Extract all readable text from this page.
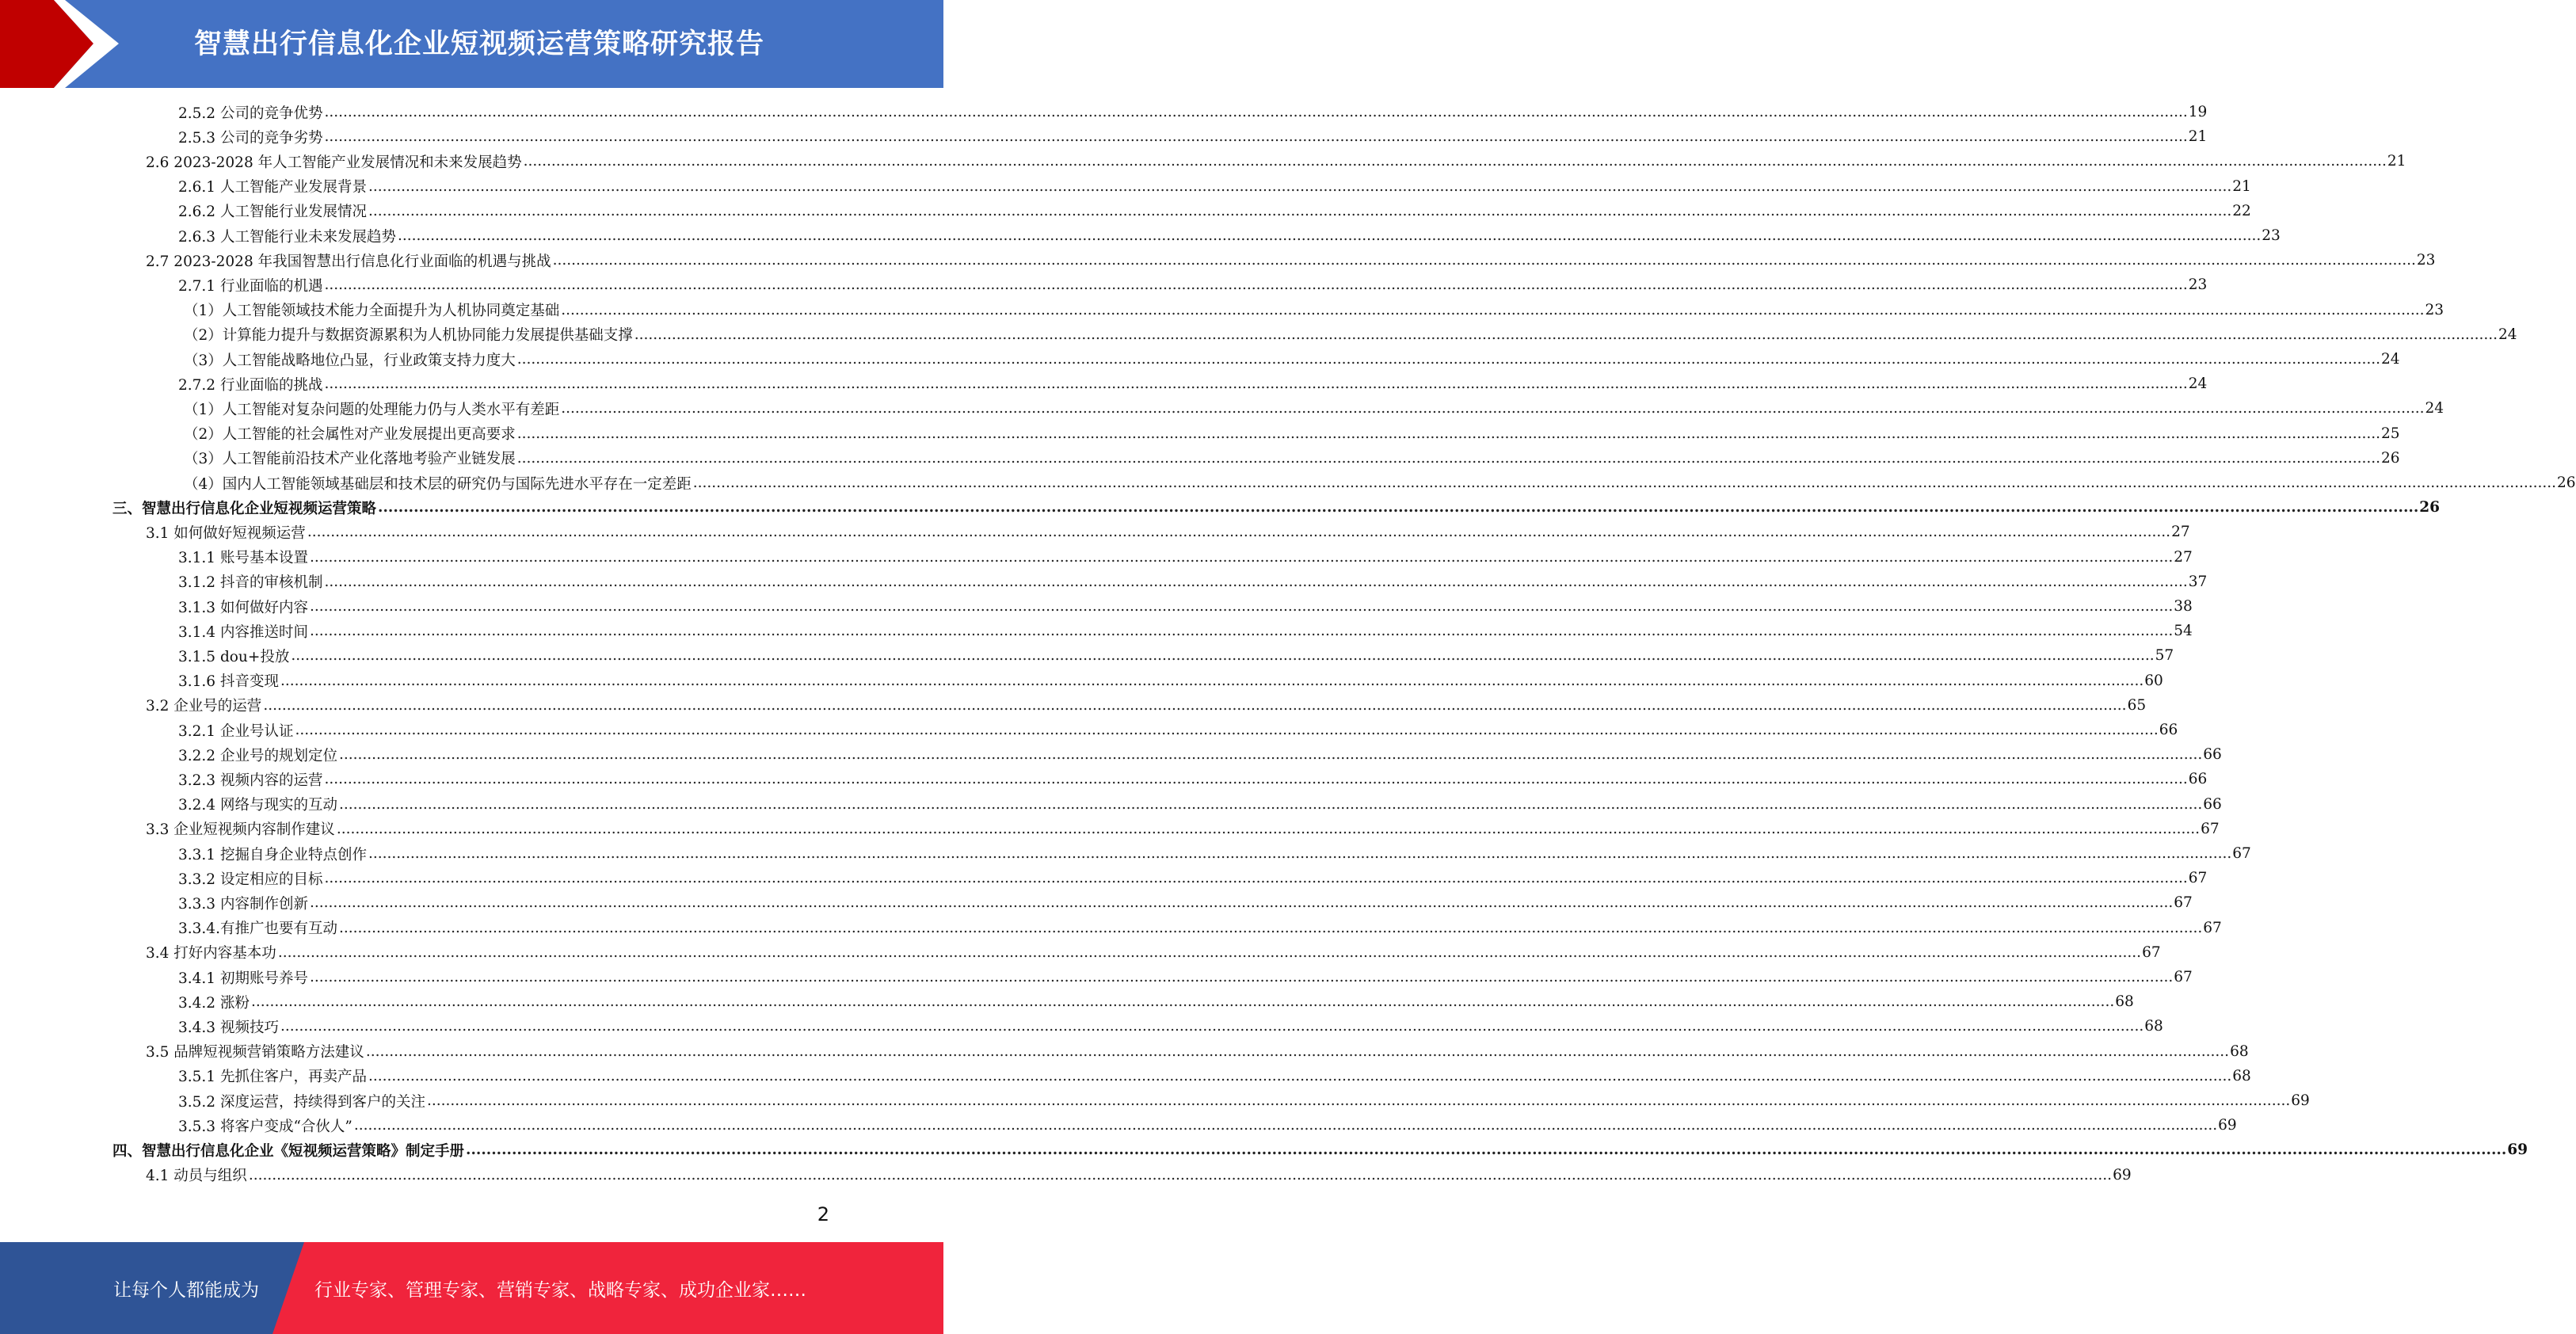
智慧出行信息化企业短视频运营策略研究报告
2.5.2 公司的竞争优势 ................................................................................................................................................................................................................................................................................................................................................................................................................ 19
2.5.3 公司的竞争劣势 ................................................................................................................................................................................................................................................................................................................................................................................................................ 21
2.6 2023-2028 年人工智能产业发展情况和未来发展趋势 ................................................................................................................................................................................................................................................................................................................................................................................................................ 21
2.6.1 人工智能产业发展背景 ................................................................................................................................................................................................................................................................................................................................................................................................................ 21
2.6.2 人工智能行业发展情况 ................................................................................................................................................................................................................................................................................................................................................................................................................ 22
2.6.3 人工智能行业未来发展趋势 ................................................................................................................................................................................................................................................................................................................................................................................................................ 23
2.7 2023-2028 年我国智慧出行信息化行业面临的机遇与挑战 ................................................................................................................................................................................................................................................................................................................................................................................................................ 23
2.7.1 行业面临的机遇 ................................................................................................................................................................................................................................................................................................................................................................................................................ 23
（1）人工智能领域技术能力全面提升为人机协同奠定基础 ................................................................................................................................................................................................................................................................................................................................................................................................................ 23
（2）计算能力提升与数据资源累积为人机协同能力发展提供基础支撑 ................................................................................................................................................................................................................................................................................................................................................................................................................ 24
（3）人工智能战略地位凸显，行业政策支持力度大 ................................................................................................................................................................................................................................................................................................................................................................................................................ 24
2.7.2 行业面临的挑战 ................................................................................................................................................................................................................................................................................................................................................................................................................ 24
（1）人工智能对复杂问题的处理能力仍与人类水平有差距 ................................................................................................................................................................................................................................................................................................................................................................................................................ 24
（2）人工智能的社会属性对产业发展提出更高要求 ................................................................................................................................................................................................................................................................................................................................................................................................................ 25
（3）人工智能前沿技术产业化落地考验产业链发展 ................................................................................................................................................................................................................................................................................................................................................................................................................ 26
（4）国内人工智能领域基础层和技术层的研究仍与国际先进水平存在一定差距 ................................................................................................................................................................................................................................................................................................................................................................................................................ 26
三、智慧出行信息化企业短视频运营策略 ................................................................................................................................................................................................................................................................................................................................................................................................................ 26
3.1 如何做好短视频运营 ................................................................................................................................................................................................................................................................................................................................................................................................................ 27
3.1.1 账号基本设置 ................................................................................................................................................................................................................................................................................................................................................................................................................ 27
3.1.2 抖音的审核机制 ................................................................................................................................................................................................................................................................................................................................................................................................................ 37
3.1.3 如何做好内容 ................................................................................................................................................................................................................................................................................................................................................................................................................ 38
3.1.4 内容推送时间 ................................................................................................................................................................................................................................................................................................................................................................................................................ 54
3.1.5 dou+投放 ................................................................................................................................................................................................................................................................................................................................................................................................................ 57
3.1.6 抖音变现 ................................................................................................................................................................................................................................................................................................................................................................................................................ 60
3.2 企业号的运营 ................................................................................................................................................................................................................................................................................................................................................................................................................ 65
3.2.1 企业号认证 ................................................................................................................................................................................................................................................................................................................................................................................................................ 66
3.2.2 企业号的规划定位 ................................................................................................................................................................................................................................................................................................................................................................................................................ 66
3.2.3 视频内容的运营 ................................................................................................................................................................................................................................................................................................................................................................................................................ 66
3.2.4 网络与现实的互动 ................................................................................................................................................................................................................................................................................................................................................................................................................ 66
3.3 企业短视频内容制作建议 ................................................................................................................................................................................................................................................................................................................................................................................................................ 67
3.3.1 挖掘自身企业特点创作 ................................................................................................................................................................................................................................................................................................................................................................................................................ 67
3.3.2 设定相应的目标 ................................................................................................................................................................................................................................................................................................................................................................................................................ 67
3.3.3 内容制作创新 ................................................................................................................................................................................................................................................................................................................................................................................................................ 67
3.3.4.有推广也要有互动 ................................................................................................................................................................................................................................................................................................................................................................................................................ 67
3.4 打好内容基本功 ................................................................................................................................................................................................................................................................................................................................................................................................................ 67
3.4.1 初期账号养号 ................................................................................................................................................................................................................................................................................................................................................................................................................ 67
3.4.2 涨粉 ................................................................................................................................................................................................................................................................................................................................................................................................................ 68
3.4.3 视频技巧 ................................................................................................................................................................................................................................................................................................................................................................................................................ 68
3.5 品牌短视频营销策略方法建议 ................................................................................................................................................................................................................................................................................................................................................................................................................ 68
3.5.1 先抓住客户，再卖产品 ................................................................................................................................................................................................................................................................................................................................................................................................................ 68
3.5.2 深度运营，持续得到客户的关注 ................................................................................................................................................................................................................................................................................................................................................................................................................ 69
3.5.3 将客户变成“合伙人” ................................................................................................................................................................................................................................................................................................................................................................................................................ 69
四、智慧出行信息化企业《短视频运营策略》制定手册 ................................................................................................................................................................................................................................................................................................................................................................................................................ 69
4.1 动员与组织 ................................................................................................................................................................................................................................................................................................................................................................................................................ 69
2
让每个人都能成为	行业专家、管理专家、营销专家、战略专家、成功企业家……
